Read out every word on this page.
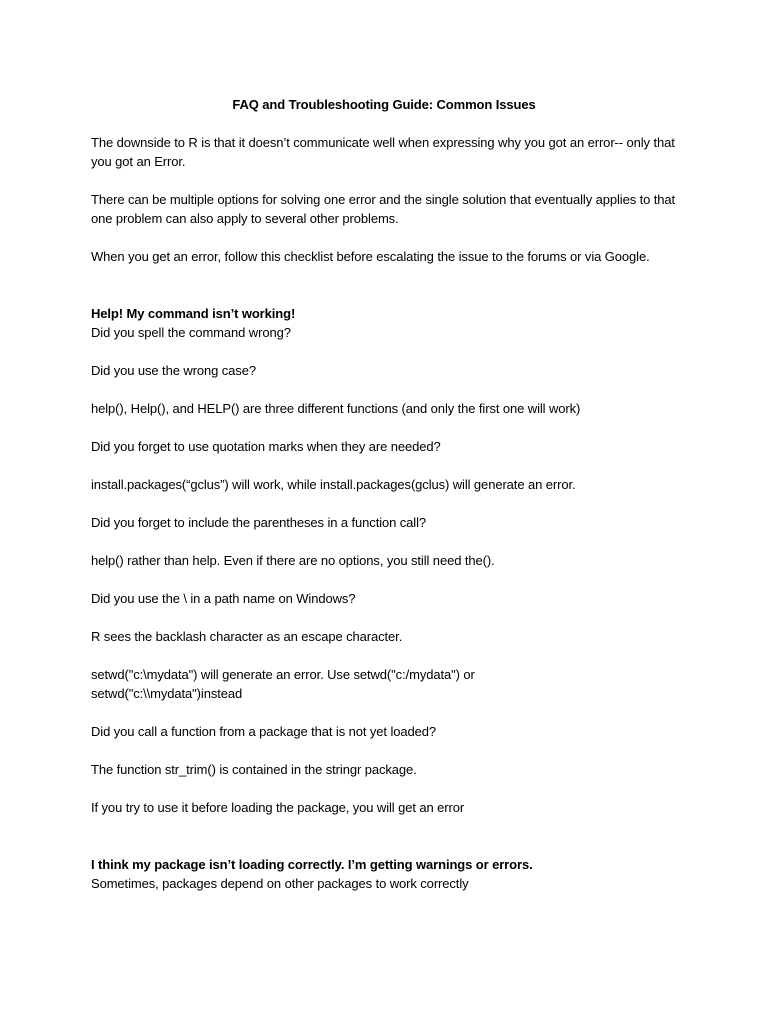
FAQ and Troubleshooting Guide: Common Issues

The downside to R is that it doesn’t communicate well when expressing why you got an error-- only that you got an Error.

There can be multiple options for solving one error and the single solution that eventually applies to that one problem can also apply to several other problems.

When you get an error, follow this checklist before escalating the issue to the forums or via Google.

Help! My command isn’t working!
Did you spell the command wrong?

Did you use the wrong case?

help(), Help(), and HELP() are three different functions (and only the first one will work)

Did you forget to use quotation marks when they are needed?

install.packages(“gclus”) will work, while install.packages(gclus) will generate an error.

Did you forget to include the parentheses in a function call?

help() rather than help. Even if there are no options, you still need the().

Did you use the \ in a path name on Windows?

R sees the backlash character as an escape character.

setwd("c:\mydata") will generate an error. Use setwd("c:/mydata") or
setwd("c:\\mydata")instead

Did you call a function from a package that is not yet loaded?

The function str_trim() is contained in the stringr package.

If you try to use it before loading the package, you will get an error

I think my package isn’t loading correctly. I’m getting warnings or errors.
Sometimes, packages depend on other packages to work correctly
